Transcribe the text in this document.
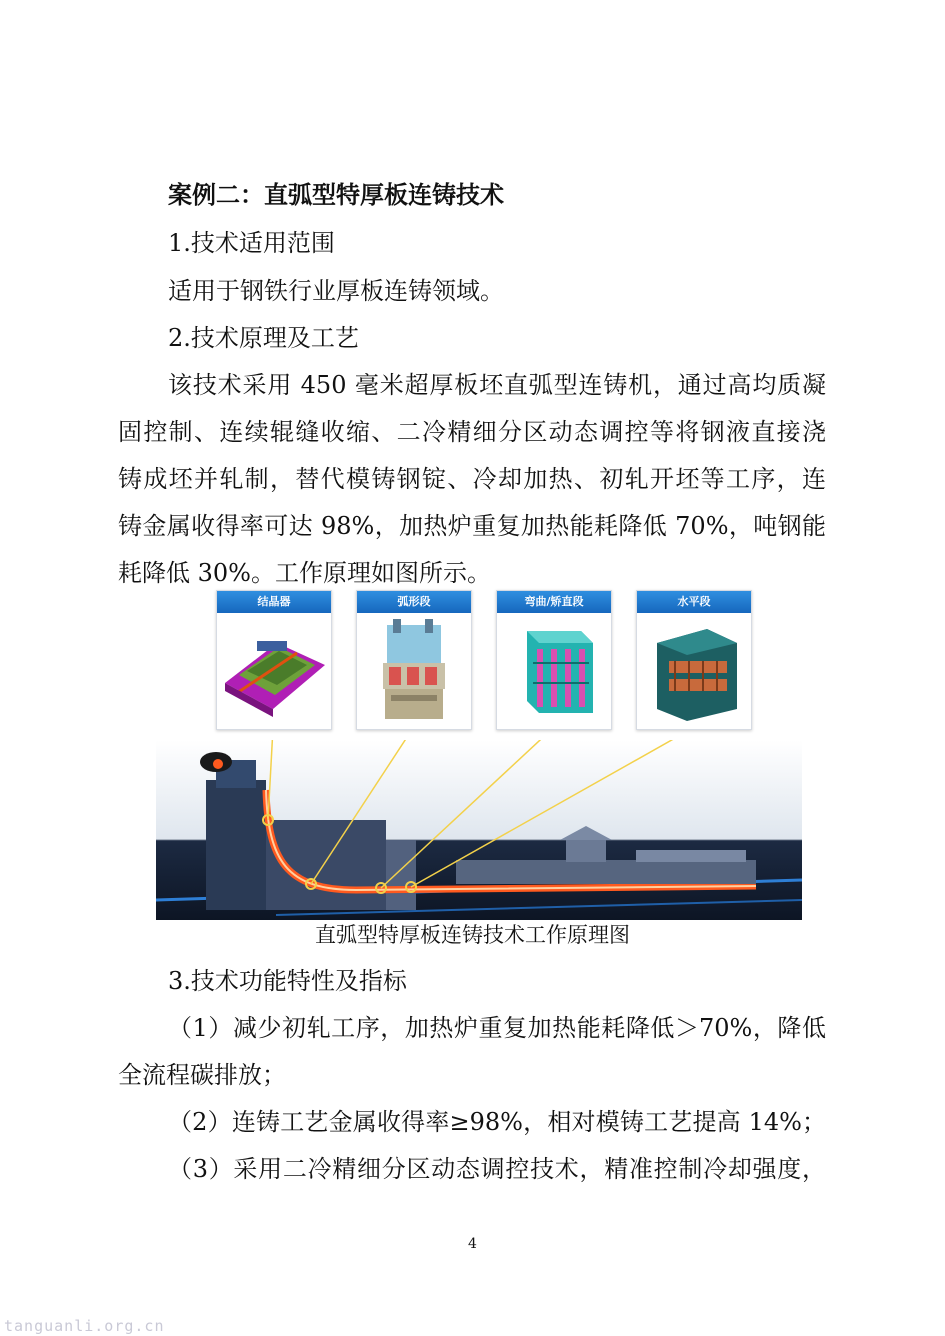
案例二：直弧型特厚板连铸技术
1.技术适用范围
适用于钢铁行业厚板连铸领域。
2.技术原理及工艺
该技术采用 450 毫米超厚板坯直弧型连铸机，通过高均质凝
固控制、连续辊缝收缩、二冷精细分区动态调控等将钢液直接浇
铸成坯并轧制，替代模铸钢锭、冷却加热、初轧开坯等工序，连
铸金属收得率可达 98%，加热炉重复加热能耗降低 70%，吨钢能
耗降低 30%。工作原理如图所示。
结晶器	弧形段	弯曲/矫直段	水平段
直弧型特厚板连铸技术工作原理图
3.技术功能特性及指标
（1）减少初轧工序，加热炉重复加热能耗降低＞70%，降低
全流程碳排放；
（2）连铸工艺金属收得率≥98%，相对模铸工艺提高 14%；
（3）采用二冷精细分区动态调控技术，精准控制冷却强度，
4
tanguanli.org.cn
